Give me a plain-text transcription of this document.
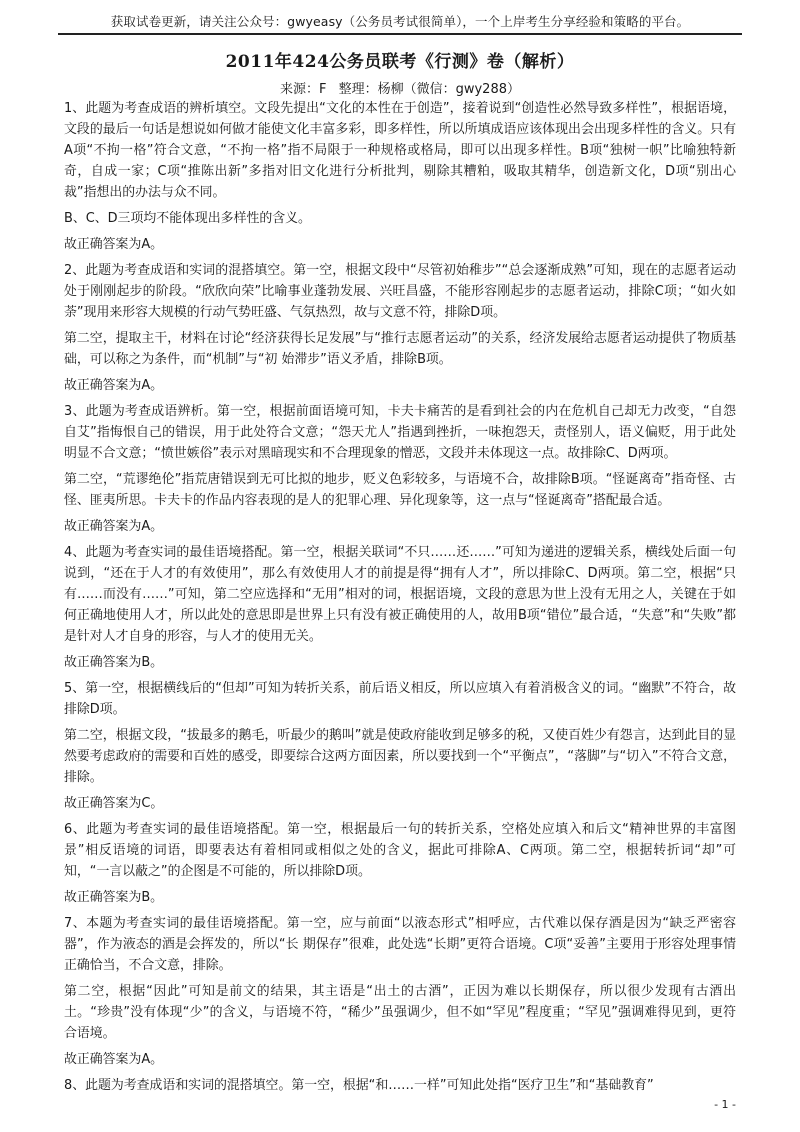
获取试卷更新，请关注公众号：gwyeasy（公务员考试很简单），一个上岸考生分享经验和策略的平台。
2011年424公务员联考《行测》卷（解析）
来源：F 整理：杨柳（微信：gwy288）

1、此题为考查成语的辨析填空。文段先提出“文化的本性在于创造”，接着说到“创造性必然导致多样性”，根据语境，文段的最后一句话是想说如何做才能使文化丰富多彩，即多样性，所以所填成语应该体现出会出现多样性的含义。只有A项“不拘一格”符合文意，“不拘一格”指不局限于一种规格或格局，即可以出现多样性。B项“独树一帜”比喻独特新奇，自成一家；C项“推陈出新”多指对旧文化进行分析批判，剔除其糟粕，吸取其精华，创造新文化，D项“别出心裁”指想出的办法与众不同。

B、C、D三项均不能体现出多样性的含义。

故正确答案为A。

2、此题为考查成语和实词的混搭填空。第一空，根据文段中“尽管初始稚步”“总会逐渐成熟”可知，现在的志愿者运动处于刚刚起步的阶段。“欣欣向荣”比喻事业蓬勃发展、兴旺昌盛，不能形容刚起步的志愿者运动，排除C项；“如火如荼”现用来形容大规模的行动气势旺盛、气氛热烈，故与文意不符，排除D项。

第二空，提取主干，材料在讨论“经济获得长足发展”与“推行志愿者运动”的关系，经济发展给志愿者运动提供了物质基础，可以称之为条件，而“机制”与“初 始滞步”语义矛盾，排除B项。

故正确答案为A。

3、此题为考查成语辨析。第一空，根据前面语境可知，卡夫卡痛苦的是看到社会的内在危机自己却无力改变，“自怨自艾”指悔恨自己的错误，用于此处符合文意；“怨天尤人”指遇到挫折，一味抱怨天，责怪别人，语义偏贬，用于此处明显不合文意；“愤世嫉俗”表示对黑暗现实和不合理现象的憎恶，文段并未体现这一点。故排除C、D两项。

第二空，“荒谬绝伦”指荒唐错误到无可比拟的地步，贬义色彩较多，与语境不合，故排除B项。“怪诞离奇”指奇怪、古怪、匪夷所思。卡夫卡的作品内容表现的是人的犯罪心理、异化现象等，这一点与“怪诞离奇”搭配最合适。

故正确答案为A。

4、此题为考查实词的最佳语境搭配。第一空，根据关联词“不只……还……”可知为递进的逻辑关系，横线处后面一句说到，“还在于人才的有效使用”，那么有效使用人才的前提是得“拥有人才”，所以排除C、D两项。第二空，根据“只有……而没有……”可知，第二空应选择和“无用”相对的词，根据语境，文段的意思为世上没有无用之人，关键在于如何正确地使用人才，所以此处的意思即是世界上只有没有被正确使用的人，故用B项“错位”最合适，“失意”和“失败”都是针对人才自身的形容，与人才的使用无关。

故正确答案为B。

5、第一空，根据横线后的“但却”可知为转折关系，前后语义相反，所以应填入有着消极含义的词。“幽默”不符合，故排除D项。

第二空，根据文段，“拔最多的鹅毛，听最少的鹅叫”就是使政府能收到足够多的税，又使百姓少有怨言，达到此目的显然要考虑政府的需要和百姓的感受，即要综合这两方面因素，所以要找到一个“平衡点”，“落脚”与“切入”不符合文意，排除。

故正确答案为C。

6、此题为考查实词的最佳语境搭配。第一空，根据最后一句的转折关系，空格处应填入和后文“精神世界的丰富图景”相反语境的词语，即要表达有着相同或相似之处的含义，据此可排除A、C两项。第二空，根据转折词“却”可知，“一言以蔽之”的企图是不可能的，所以排除D项。

故正确答案为B。

7、本题为考查实词的最佳语境搭配。第一空，应与前面“以液态形式”相呼应，古代难以保存酒是因为“缺乏严密容器”，作为液态的酒是会挥发的，所以“长 期保存”很难，此处选“长期”更符合语境。C项“妥善”主要用于形容处理事情正确恰当，不合文意，排除。

第二空，根据“因此”可知是前文的结果，其主语是“出土的古酒”，正因为难以长期保存，所以很少发现有古酒出土。“珍贵”没有体现“少”的含义，与语境不符，“稀少”虽强调少，但不如“罕见”程度重；“罕见”强调难得见到，更符合语境。

故正确答案为A。

8、此题为考查成语和实词的混搭填空。第一空，根据“和……一样”可知此处指“医疗卫生”和“基础教育”

- 1 -
